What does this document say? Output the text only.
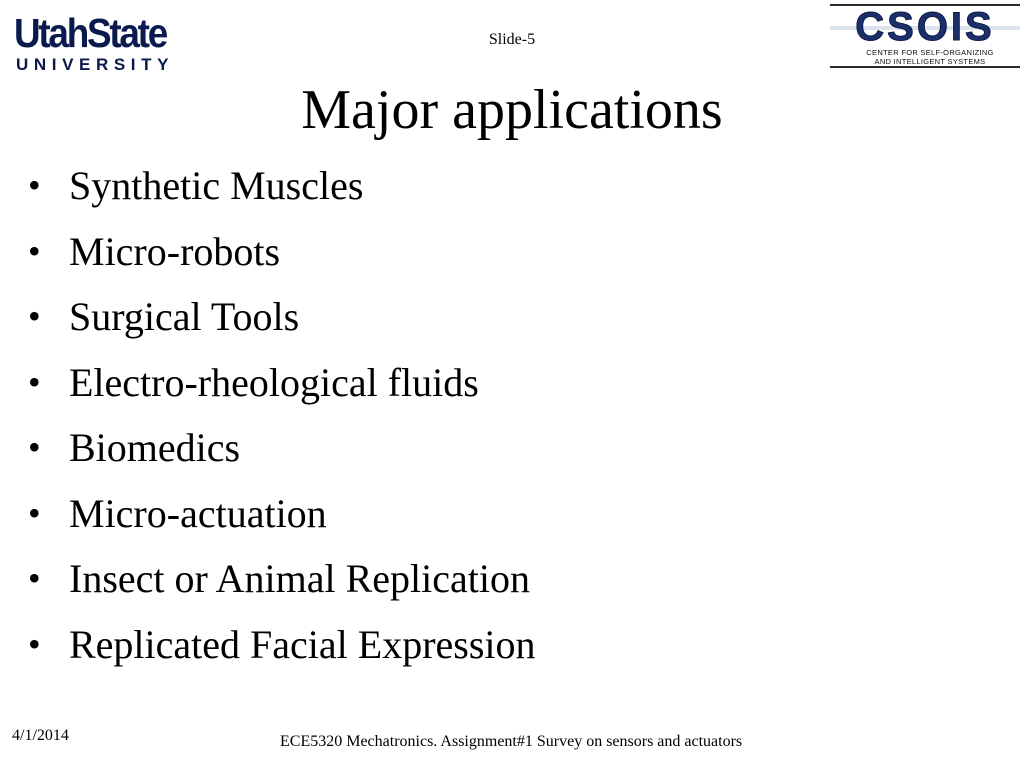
UtahState
UNIVERSITY
Slide-5	CSOIS
CENTER FOR SELF-ORGANIZING
AND INTELLIGENT SYSTEMS
Major applications
• Synthetic Muscles
• Micro-robots
• Surgical Tools
• Electro-rheological fluids
• Biomedics
• Micro-actuation
• Insect or Animal Replication
• Replicated Facial Expression
4/1/2014	ECE5320 Mechatronics. Assignment#1 Survey on sensors and actuators
